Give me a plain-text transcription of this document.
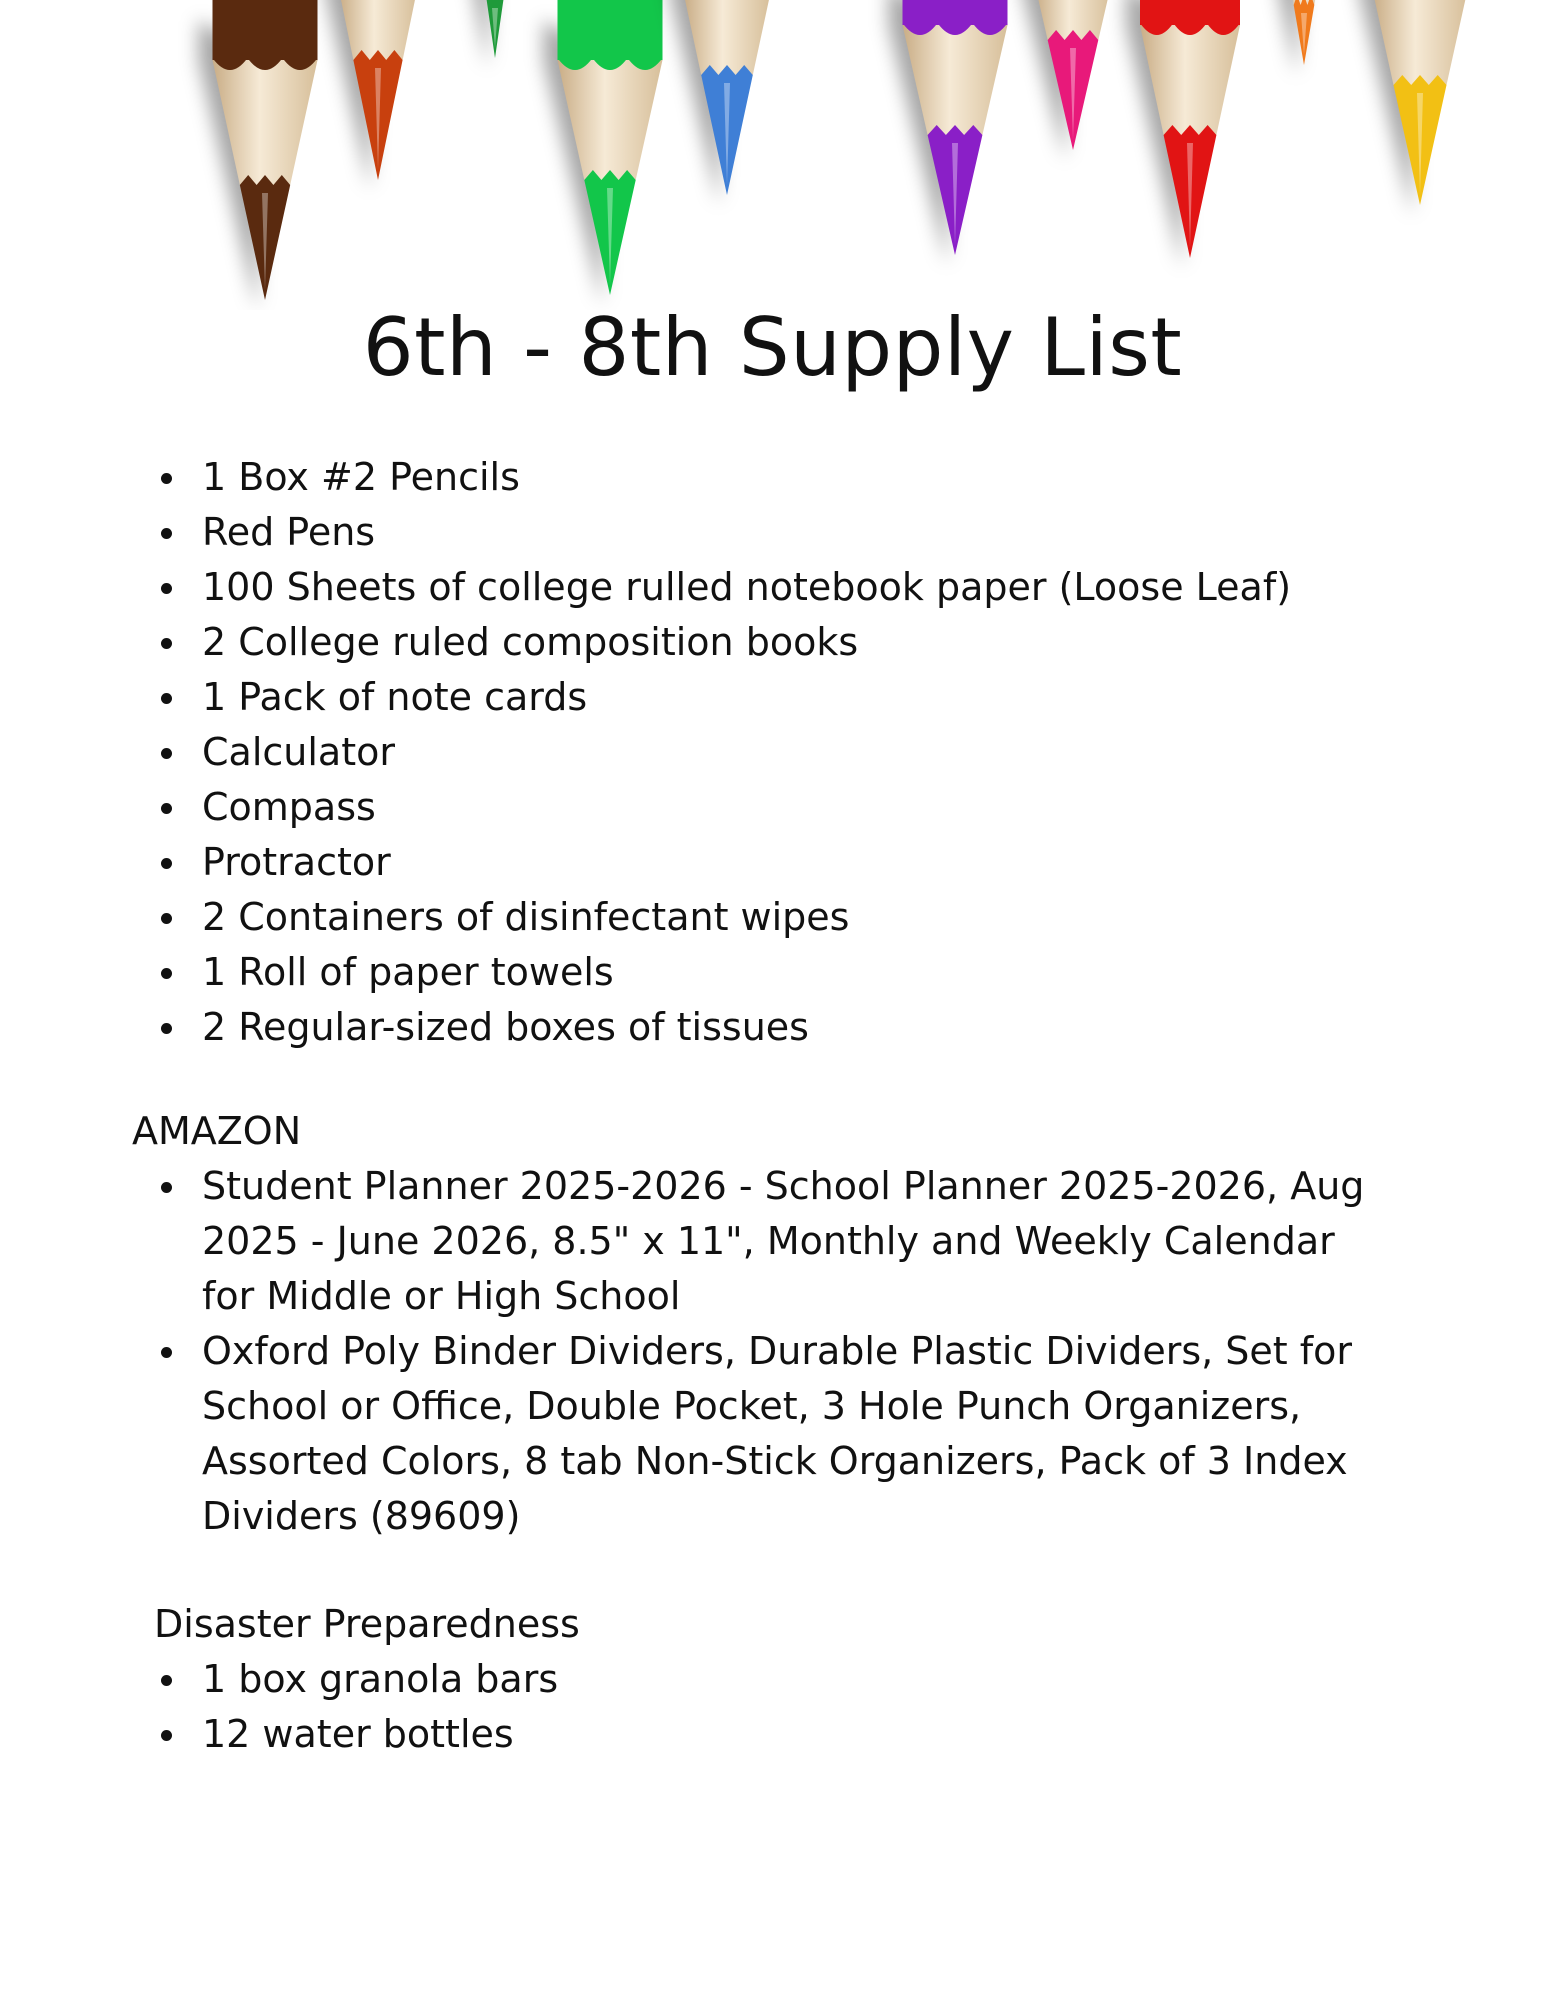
6th - 8th Supply List
1 Box #2 Pencils
Red Pens
100 Sheets of college rulled notebook paper (Loose Leaf)
2 College ruled composition books
1 Pack of note cards
Calculator
Compass
Protractor
2 Containers of disinfectant wipes
1 Roll of paper towels
2 Regular-sized boxes of tissues

AMAZON

Student Planner 2025-2026 - School Planner 2025-2026, Aug 2025 - June 2026, 8.5" x 11", Monthly and Weekly Calendar for Middle or High School
Oxford Poly Binder Dividers, Durable Plastic Dividers, Set for School or Office, Double Pocket, 3 Hole Punch Organizers, Assorted Colors, 8 tab Non-Stick Organizers, Pack of 3 Index Dividers (89609)

Disaster Preparedness

1 box granola bars
12 water bottles
